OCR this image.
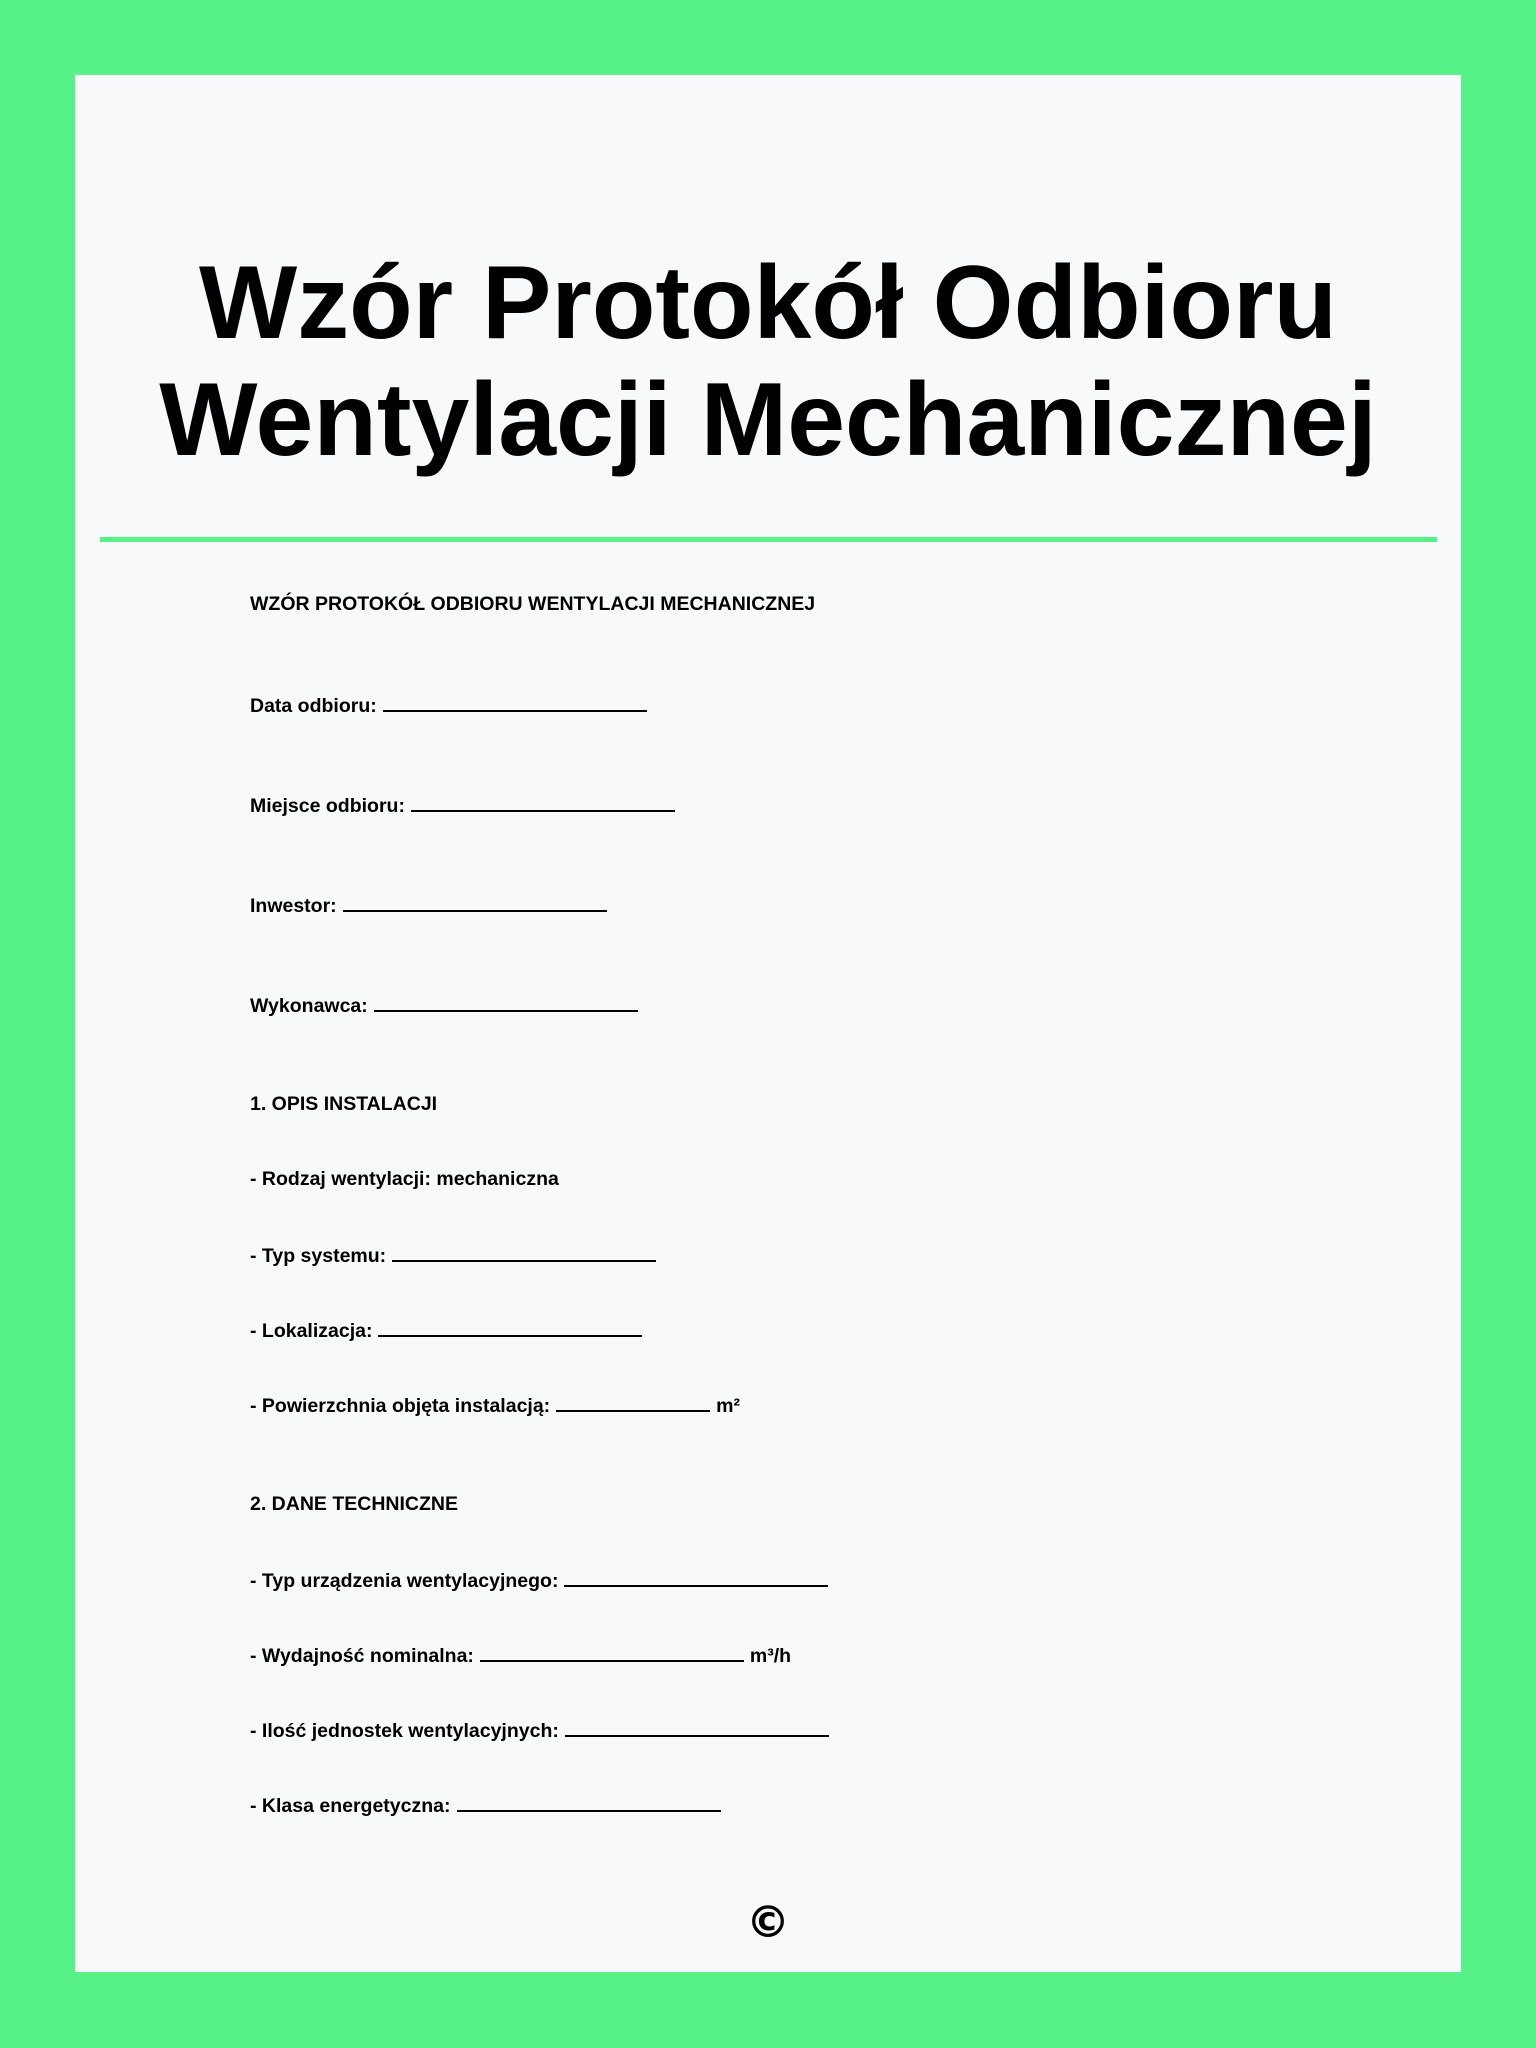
Wzór Protokół Odbioru
Wentylacji Mechanicznej
WZÓR PROTOKÓŁ ODBIORU WENTYLACJI MECHANICZNEJ
Data odbioru:
Miejsce odbioru:
Inwestor:
Wykonawca:
1. OPIS INSTALACJI
- Rodzaj wentylacji: mechaniczna
- Typ systemu:
- Lokalizacja:
- Powierzchnia objęta instalacją:	m²
2. DANE TECHNICZNE
- Typ urządzenia wentylacyjnego:
- Wydajność nominalna:	m³/h
- Ilość jednostek wentylacyjnych:
- Klasa energetyczna:
©
